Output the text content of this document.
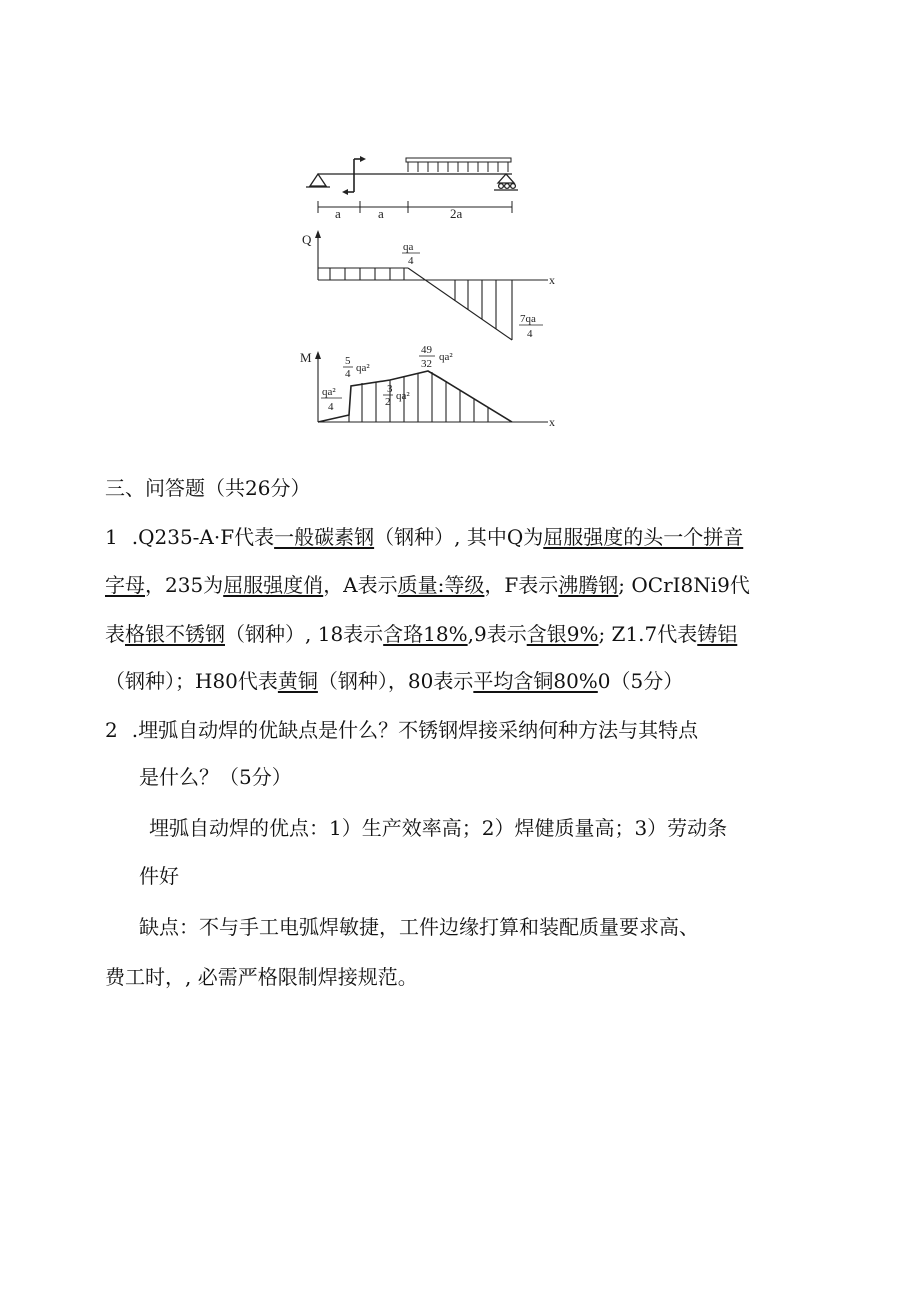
a	a	2a
Q
x
qa
4
7qa
4
M
x
qa²
4
5
4 qa²
3
2 qa²
49
32
qa²
三、问答题（共26分）
1 .Q235-A·F代表一般碳素钢（钢种）, 其中Q为屈服强度的头一个拼音
字母，235为屈服强度俏，A表示质量:等级，F表示沸腾钢; OCrI8Ni9代
表格银不锈钢（钢种）, 18表示含珞18%,9表示含银9%; Z1.7代表铸铝
（钢种）；H80代表黄铜（钢种），80表示平均含铜80%0（5分）
2 .埋弧自动焊的优缺点是什么？不锈钢焊接采纳何种方法与其特点
是什么？（5分）
埋弧自动焊的优点：1）生产效率高；2）焊健质量高；3）劳动条
件好
缺点：不与手工电弧焊敏捷，工件边缘打算和装配质量要求高、
费工时，, 必需严格限制焊接规范。
